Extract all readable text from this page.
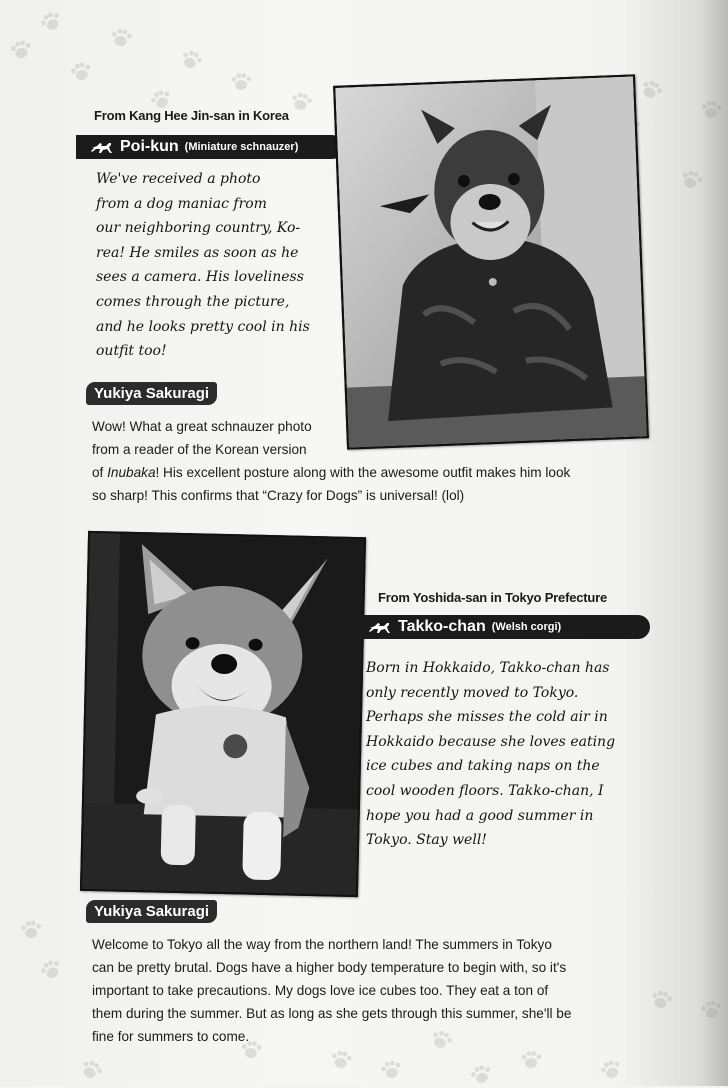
From Kang Hee Jin-san in Korea
Poi-kun (Miniature schnauzer)
We've received a photo
from a dog maniac from
our neighboring country, Ko-
rea! He smiles as soon as he
sees a camera. His loveliness
comes through the picture,
and he looks pretty cool in his
outfit too!
Yukiya Sakuragi
Wow! What a great schnauzer photo
from a reader of the Korean version
of Inubaka! His excellent posture along with the awesome outfit makes him look
so sharp! This confirms that “Crazy for Dogs” is universal! (lol)
From Yoshida-san in Tokyo Prefecture
Takko-chan (Welsh corgi)
Born in Hokkaido, Takko-chan has
only recently moved to Tokyo.
Perhaps she misses the cold air in
Hokkaido because she loves eating
ice cubes and taking naps on the
cool wooden floors. Takko-chan, I
hope you had a good summer in
Tokyo. Stay well!
Yukiya Sakuragi
Welcome to Tokyo all the way from the northern land! The summers in Tokyo
can be pretty brutal. Dogs have a higher body temperature to begin with, so it's
important to take precautions. My dogs love ice cubes too. They eat a ton of
them during the summer. But as long as she gets through this summer, she'll be
fine for summers to come.
